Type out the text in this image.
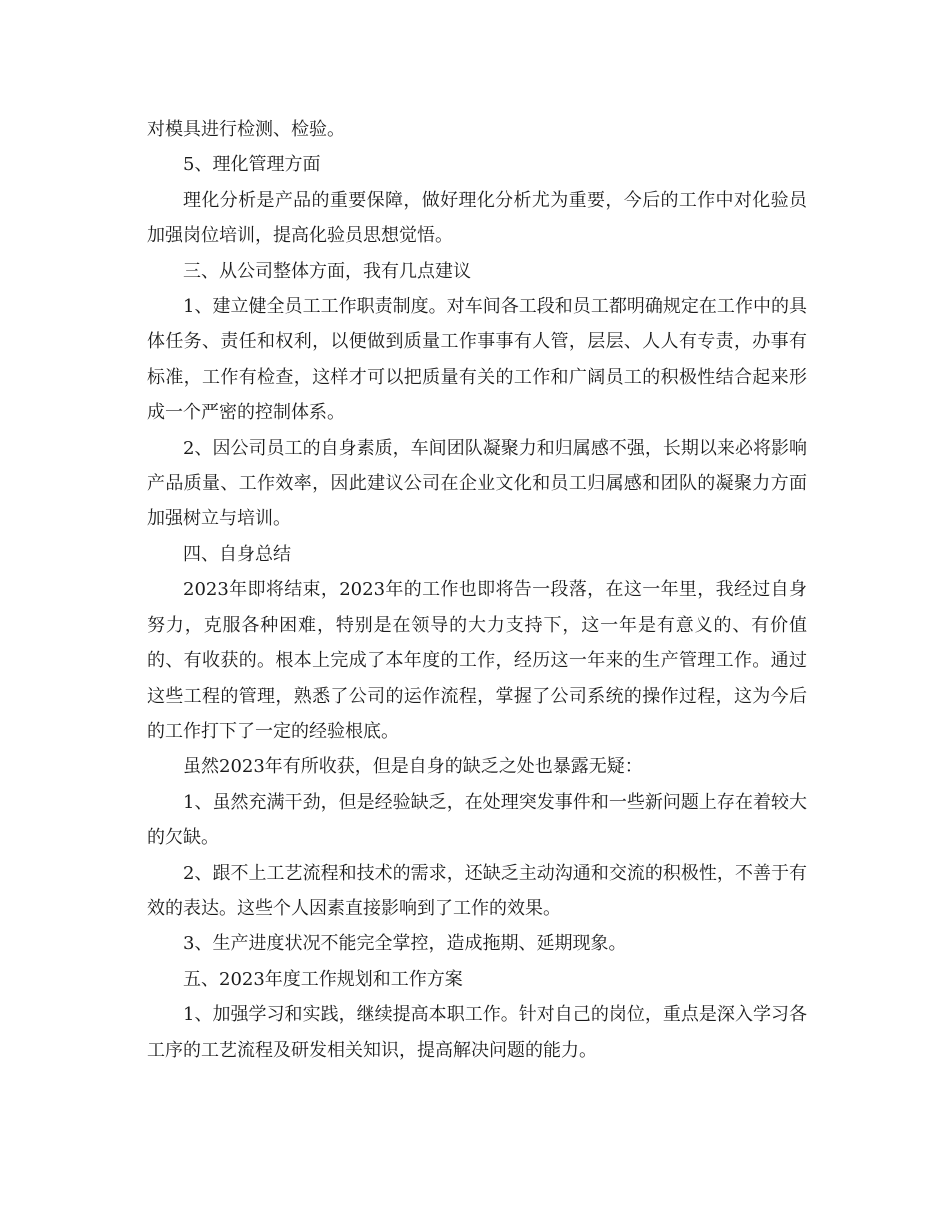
对模具进行检测、检验。

5、理化管理方面

理化分析是产品的重要保障，做好理化分析尤为重要，今后的工作中对化验员加强岗位培训，提高化验员思想觉悟。

三、从公司整体方面，我有几点建议

1、建立健全员工工作职责制度。对车间各工段和员工都明确规定在工作中的具体任务、责任和权利，以便做到质量工作事事有人管，层层、人人有专责，办事有标准，工作有检查，这样才可以把质量有关的工作和广阔员工的积极性结合起来形成一个严密的控制体系。

2、因公司员工的自身素质，车间团队凝聚力和归属感不强，长期以来必将影响产品质量、工作效率，因此建议公司在企业文化和员工归属感和团队的凝聚力方面加强树立与培训。

四、自身总结

2023年即将结束，2023年的工作也即将告一段落，在这一年里，我经过自身努力，克服各种困难，特别是在领导的大力支持下，这一年是有意义的、有价值的、有收获的。根本上完成了本年度的工作，经历这一年来的生产管理工作。通过这些工程的管理，熟悉了公司的运作流程，掌握了公司系统的操作过程，这为今后的工作打下了一定的经验根底。

虽然2023年有所收获，但是自身的缺乏之处也暴露无疑：

1、虽然充满干劲，但是经验缺乏，在处理突发事件和一些新问题上存在着较大的欠缺。

2、跟不上工艺流程和技术的需求，还缺乏主动沟通和交流的积极性，不善于有效的表达。这些个人因素直接影响到了工作的效果。

3、生产进度状况不能完全掌控，造成拖期、延期现象。

五、2023年度工作规划和工作方案

1、加强学习和实践，继续提高本职工作。针对自己的岗位，重点是深入学习各工序的工艺流程及研发相关知识，提高解决问题的能力。
